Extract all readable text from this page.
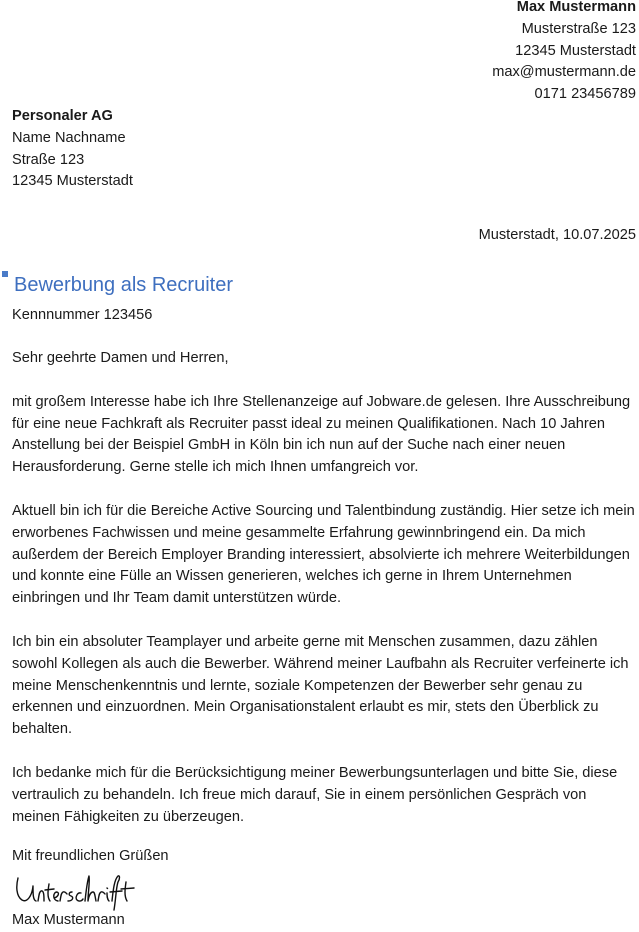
Max Mustermann
Musterstraße 123
12345 Musterstadt
max@mustermann.de
0171 23456789
Personaler AG
Name Nachname
Straße 123
12345 Musterstadt
Musterstadt, 10.07.2025
Bewerbung als Recruiter
Kennnummer 123456

Sehr geehrte Damen und Herren,

mit großem Interesse habe ich Ihre Stellenanzeige auf Jobware.de gelesen. Ihre Ausschreibung für eine neue Fachkraft als Recruiter passt ideal zu meinen Qualifikationen. Nach 10 Jahren Anstellung bei der Beispiel GmbH in Köln bin ich nun auf der Suche nach einer neuen Herausforderung. Gerne stelle ich mich Ihnen umfangreich vor.

Aktuell bin ich für die Bereiche Active Sourcing und Talentbindung zuständig. Hier setze ich mein erworbenes Fachwissen und meine gesammelte Erfahrung gewinnbringend ein. Da mich außerdem der Bereich Employer Branding interessiert, absolvierte ich mehrere Weiterbildungen und konnte eine Fülle an Wissen generieren, welches ich gerne in Ihrem Unternehmen einbringen und Ihr Team damit unterstützen würde.

Ich bin ein absoluter Teamplayer und arbeite gerne mit Menschen zusammen, dazu zählen sowohl Kollegen als auch die Bewerber. Während meiner Laufbahn als Recruiter verfeinerte ich meine Menschenkenntnis und lernte, soziale Kompetenzen der Bewerber sehr genau zu erkennen und einzuordnen. Mein Organisationstalent erlaubt es mir, stets den Überblick zu behalten.

Ich bedanke mich für die Berücksichtigung meiner Bewerbungsunterlagen und bitte Sie, diese vertraulich zu behandeln. Ich freue mich darauf, Sie in einem persönlichen Gespräch von meinen Fähigkeiten zu überzeugen.

Mit freundlichen Grüßen
Max Mustermann
